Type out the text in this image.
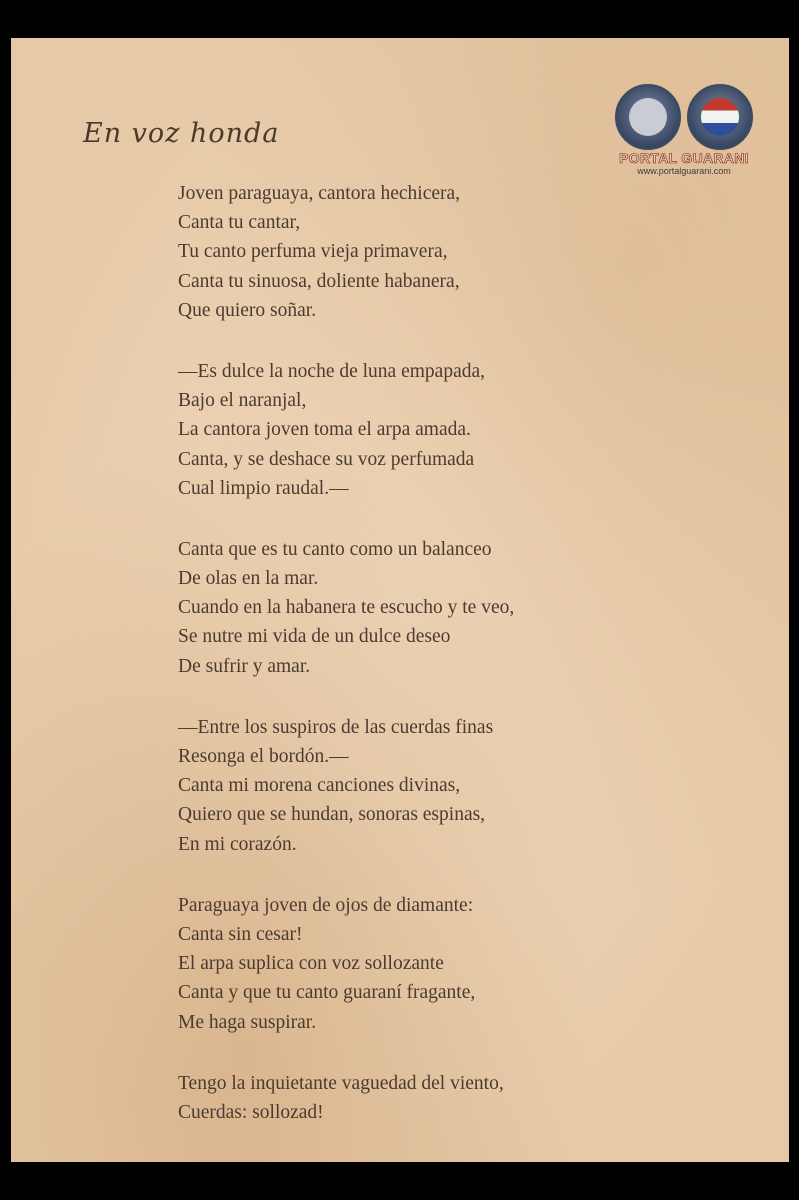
En voz honda
PORTAL GUARANI
www.portalguarani.com
Joven paraguaya, cantora hechicera,
Canta tu cantar,
Tu canto perfuma vieja primavera,
Canta tu sinuosa, doliente habanera,
Que quiero soñar.
—Es dulce la noche de luna empapada,
Bajo el naranjal,
La cantora joven toma el arpa amada.
Canta, y se deshace su voz perfumada
Cual limpio raudal.—
Canta que es tu canto como un balanceo
De olas en la mar.
Cuando en la habanera te escucho y te veo,
Se nutre mi vida de un dulce deseo
De sufrir y amar.
—Entre los suspiros de las cuerdas finas
Resonga el bordón.—
Canta mi morena canciones divinas,
Quiero que se hundan, sonoras espinas,
En mi corazón.
Paraguaya joven de ojos de diamante:
Canta sin cesar!
El arpa suplica con voz sollozante
Canta y que tu canto guaraní fragante,
Me haga suspirar.
Tengo la inquietante vaguedad del viento,
Cuerdas: sollozad!
